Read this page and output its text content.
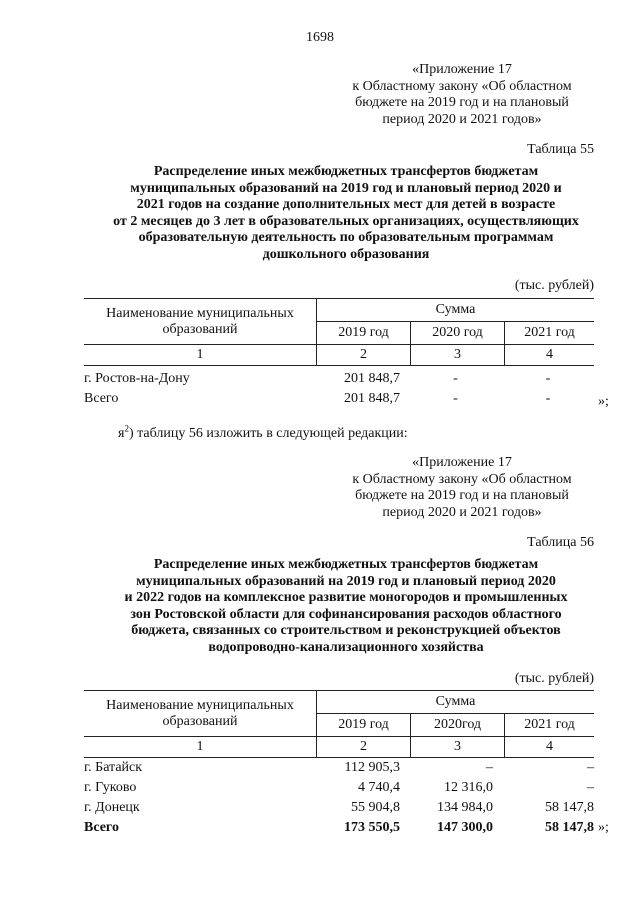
1698
«Приложение 17
к Областному закону «Об областном
бюджете на 2019 год и на плановый
период 2020 и 2021 годов»
Таблица 55
Распределение иных межбюджетных трансфертов бюджетам
муниципальных образований на 2019 год и плановый период 2020 и
2021 годов на создание дополнительных мест для детей в возрасте
от 2 месяцев до 3 лет в образовательных организациях, осуществляющих
образовательную деятельность по образовательным программам
дошкольного образования
(тыс. рублей)
Наименование муниципальных образований	Сумма		
	2019 год	2020 год	2021 год
1	2	3	4
г. Ростов-на-Дону	201 848,7	-	-
Всего	201 848,7	-	-	»;
$я^2$) таблицу 56 изложить в следующей редакции:
«Приложение 17
к Областному закону «Об областном
бюджете на 2019 год и на плановый
период 2020 и 2021 годов»
Таблица 56
Распределение иных межбюджетных трансфертов бюджетам
муниципальных образований на 2019 год и плановый период 2020
и 2022 годов на комплексное развитие моногородов и промышленных
зон Ростовской области для софинансирования расходов областного
бюджета, связанных со строительством и реконструкцией объектов
водопроводно-канализационного хозяйства
(тыс. рублей)
Наименование муниципальных образований	Сумма		
	2019 год	2020год	2021 год
1	2	3	4
г. Батайск	112 905,3	–	–
г. Гуково	4 740,4	12 316,0	–
г. Донецк	55 904,8	134 984,0	58 147,8
Всего	173 550,5	147 300,0	58 147,8 »;
